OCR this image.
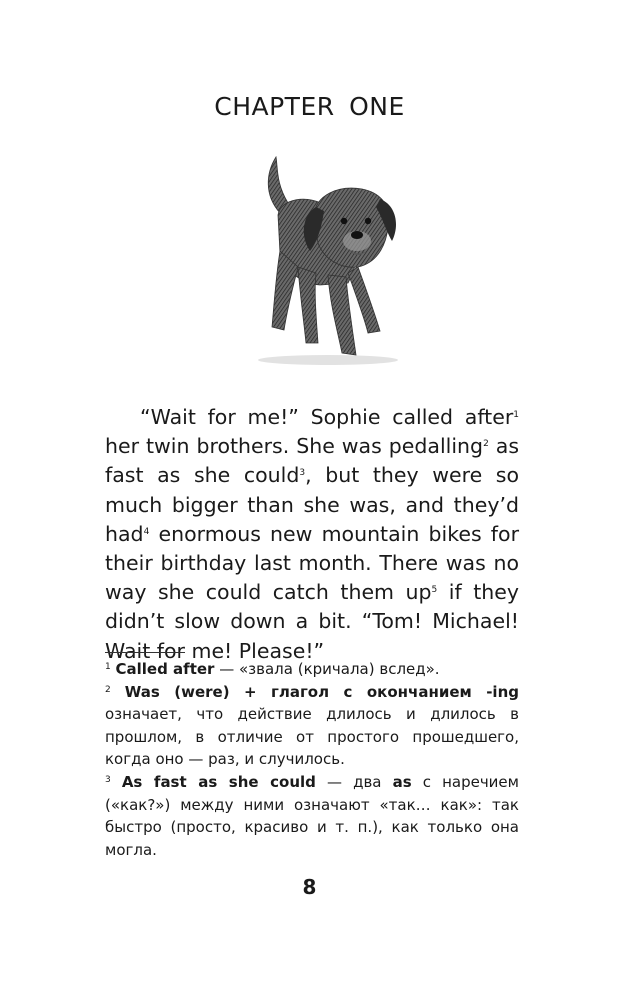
CHAPTER ONE

“Wait for me!” Sophie called after$^1$ her twin brothers. She was pedalling$^2$ as fast as she could$^3$, but they were so much bigger than she was, and they’d had$^4$ enormous new mountain bikes for their birthday last month. There was no way she could catch them $up^5$ if they didn’t slow down a bit. “Tom! Michael! Wait for me! Please!”

$^1$ Called after — «звала (кричала) вслед».

$^2$ Was (were) + глагол с окончанием -ing означает, что действие длилось и длилось в прошлом, в отличие от простого прошедшего, когда оно — раз, и случилось.

$^3$ As fast as she could — два as с наречием («как?») между ними означают «так… как»: так быстро (просто, красиво и т. п.), как только она могла.

8
